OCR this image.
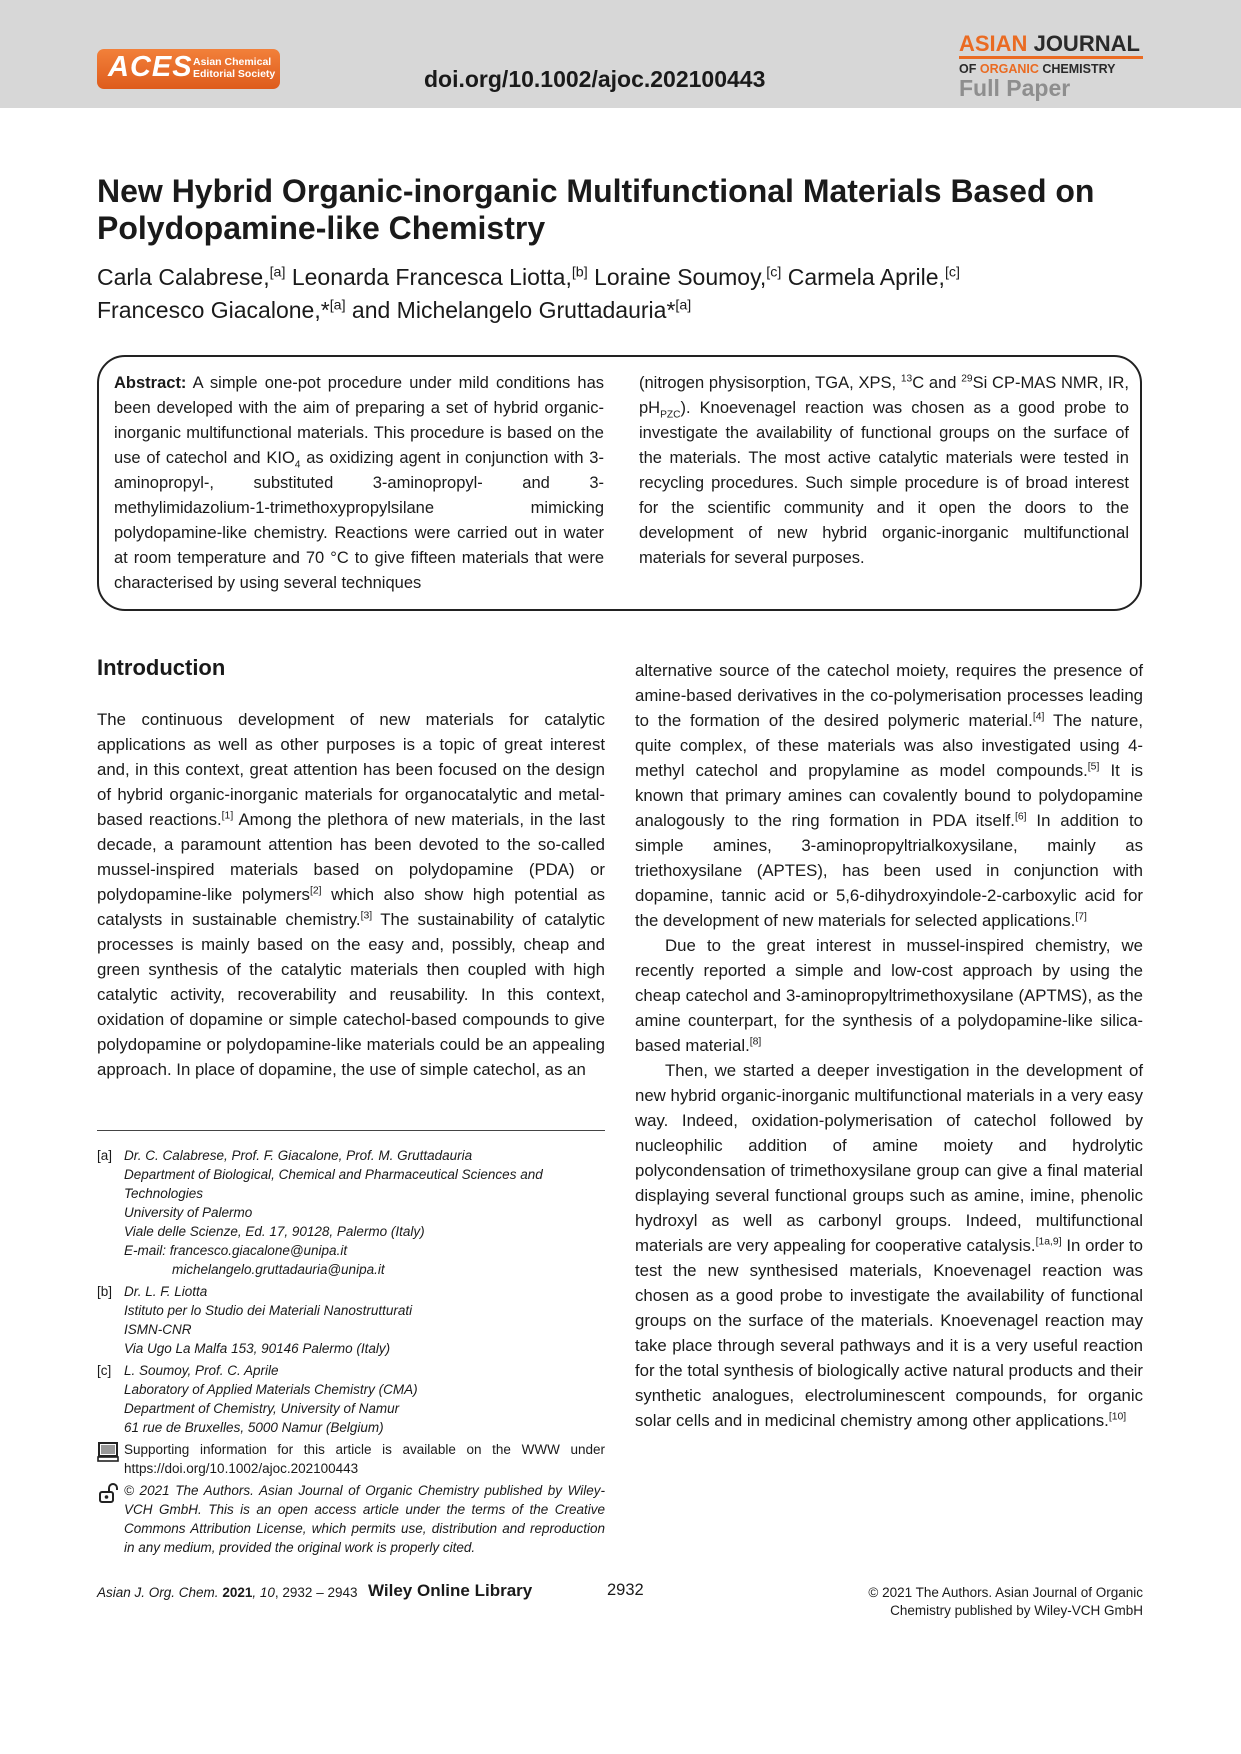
ACES Asian Chemical
Editorial Society	doi.org/10.1002/ajoc.202100443
ASIAN JOURNAL
OF ORGANIC CHEMISTRY
Full Paper
New Hybrid Organic-inorganic Multifunctional Materials Based on Polydopamine-like Chemistry
Carla Calabrese,[a] Leonarda Francesca Liotta,[b] Loraine Soumoy,[c] Carmela Aprile,[c]
Francesco Giacalone,*[a] and Michelangelo Gruttadauria*[a]
Abstract: A simple one-pot procedure under mild conditions has been developed with the aim of preparing a set of hybrid organic-inorganic multifunctional materials. This procedure is based on the use of catechol and $KIO_4$ as oxidizing agent in conjunction with 3-aminopropyl-, substituted 3-aminopropyl- and 3-methylimidazolium-1-trimethoxypropylsilane mimicking polydopamine-like chemistry. Reactions were carried out in water at room temperature and 70 °C to give fifteen materials that were characterised by using several techniques
(nitrogen physisorption, TGA, XPS, $^{13}$C and $^{29}$Si CP-MAS NMR, IR, $pH_{PZC}$). Knoevenagel reaction was chosen as a good probe to investigate the availability of functional groups on the surface of the materials. The most active catalytic materials were tested in recycling procedures. Such simple procedure is of broad interest for the scientific community and it open the doors to the development of new hybrid organic-inorganic multifunctional materials for several purposes.
Introduction

The continuous development of new materials for catalytic applications as well as other purposes is a topic of great interest and, in this context, great attention has been focused on the design of hybrid organic-inorganic materials for organocatalytic and metal-based reactions.[1] Among the plethora of new materials, in the last decade, a paramount attention has been devoted to the so-called mussel-inspired materials based on polydopamine (PDA) or polydopamine-like polymers[2] which also show high potential as catalysts in sustainable chemistry.[3] The sustainability of catalytic processes is mainly based on the easy and, possibly, cheap and green synthesis of the catalytic materials then coupled with high catalytic activity, recoverability and reusability. In this context, oxidation of dopamine or simple catechol-based compounds to give polydopamine or polydopamine-like materials could be an appealing approach. In place of dopamine, the use of simple catechol, as an

alternative source of the catechol moiety, requires the presence of amine-based derivatives in the co-polymerisation processes leading to the formation of the desired polymeric material.[4] The nature, quite complex, of these materials was also investigated using 4-methyl catechol and propylamine as model compounds.[5] It is known that primary amines can covalently bound to polydopamine analogously to the ring formation in PDA itself.[6] In addition to simple amines, 3-aminopropyltrialkoxysilane, mainly as triethoxysilane (APTES), has been used in conjunction with dopamine, tannic acid or 5,6-dihydroxyindole-2-carboxylic acid for the development of new materials for selected applications.[7]

Due to the great interest in mussel-inspired chemistry, we recently reported a simple and low-cost approach by using the cheap catechol and 3-aminopropyltrimethoxysilane (APTMS), as the amine counterpart, for the synthesis of a polydopamine-like silica-based material.[8]

Then, we started a deeper investigation in the development of new hybrid organic-inorganic multifunctional materials in a very easy way. Indeed, oxidation-polymerisation of catechol followed by nucleophilic addition of amine moiety and hydrolytic polycondensation of trimethoxysilane group can give a final material displaying several functional groups such as amine, imine, phenolic hydroxyl as well as carbonyl groups. Indeed, multifunctional materials are very appealing for cooperative catalysis.[1a,9] In order to test the new synthesised materials, Knoevenagel reaction was chosen as a good probe to investigate the availability of functional groups on the surface of the materials. Knoevenagel reaction may take place through several pathways and it is a very useful reaction for the total synthesis of biologically active natural products and their synthetic analogues, electroluminescent compounds, for organic solar cells and in medicinal chemistry among other applications.[10]

[a] Dr. C. Calabrese, Prof. F. Giacalone, Prof. M. Gruttadauria
Department of Biological, Chemical and Pharmaceutical Sciences and Technologies
University of Palermo
Viale delle Scienze, Ed. 17, 90128, Palermo (Italy)
E-mail: francesco.giacalone@unipa.it
michelangelo.gruttadauria@unipa.it
[b] Dr. L. F. Liotta
Istituto per lo Studio dei Materiali Nanostrutturati
ISMN-CNR
Via Ugo La Malfa 153, 90146 Palermo (Italy)
[c] L. Soumoy, Prof. C. Aprile
Laboratory of Applied Materials Chemistry (CMA)
Department of Chemistry, University of Namur
61 rue de Bruxelles, 5000 Namur (Belgium)
Supporting information for this article is available on the WWW under https://doi.org/10.1002/ajoc.202100443
© 2021 The Authors. Asian Journal of Organic Chemistry published by Wiley-VCH GmbH. This is an open access article under the terms of the Creative Commons Attribution License, which permits use, distribution and reproduction in any medium, provided the original work is properly cited.
Asian J. Org. Chem. 2021, 10, 2932 – 2943 Wiley Online Library	2932	© 2021 The Authors. Asian Journal of Organic
Chemistry published by Wiley-VCH GmbH
